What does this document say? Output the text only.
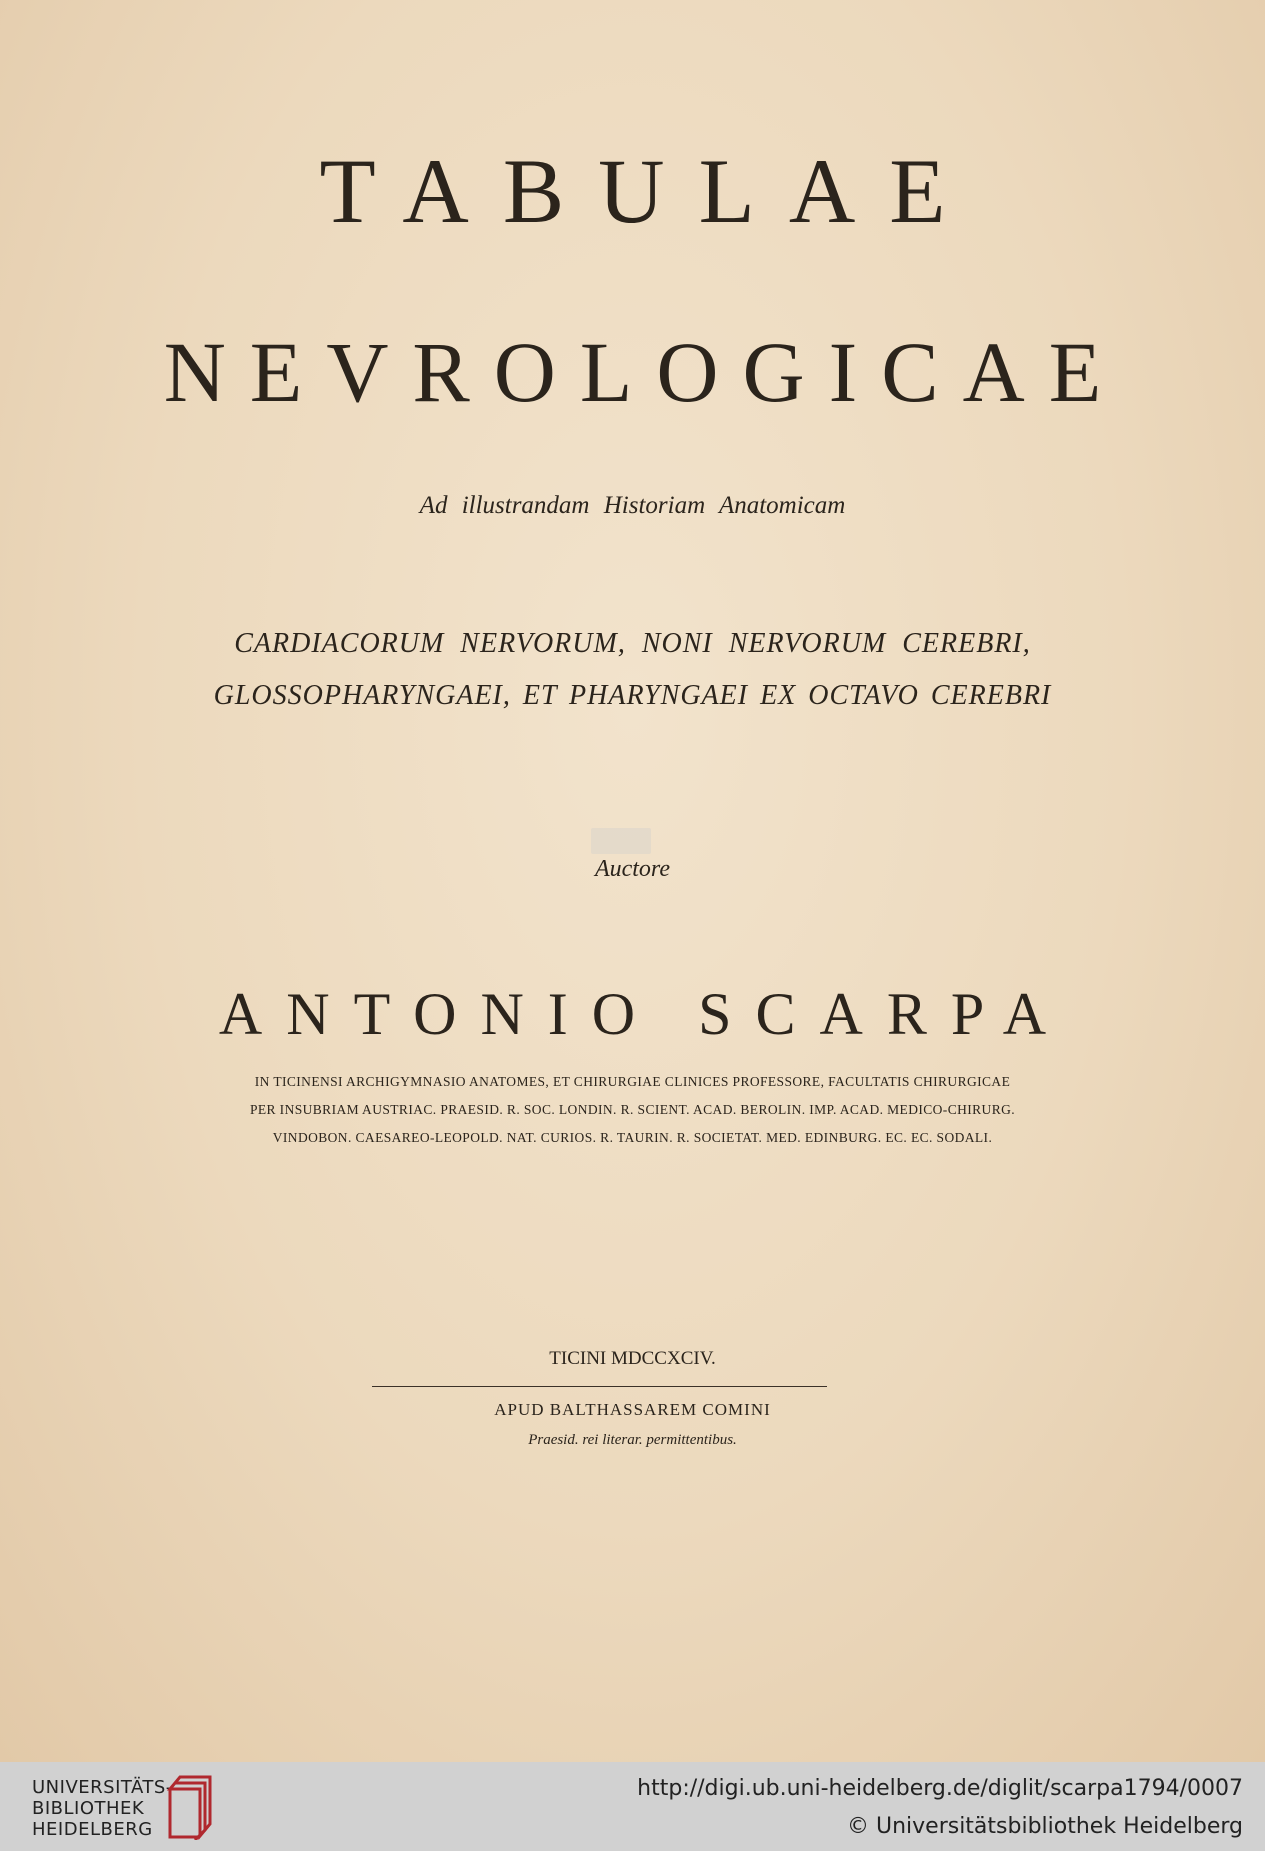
TABULAE
NEVROLOGICAE
Ad illustrandam Historiam Anatomicam
CARDIACORUM NERVORUM, NONI NERVORUM CEREBRI,
GLOSSOPHARYNGAEI, ET PHARYNGAEI EX OCTAVO CEREBRI
Auctore
ANTONIO SCARPA
IN TICINENSI ARCHIGYMNASIO ANATOMES, ET CHIRURGIAE CLINICES PROFESSORE, FACULTATIS CHIRURGICAE
PER INSUBRIAM AUSTRIAC. PRAESID. R. SOC. LONDIN. R. SCIENT. ACAD. BEROLIN. IMP. ACAD. MEDICO-CHIRURG.
VINDOBON. CAESAREO-LEOPOLD. NAT. CURIOS. R. TAURIN. R. SOCIETAT. MED. EDINBURG. EC. EC. SODALI.
TICINI MDCCXCIV.
APUD BALTHASSAREM COMINI
Praesid. rei literar. permittentibus.
UNIVERSITÄTS-
BIBLIOTHEK
HEIDELBERG
http://digi.ub.uni-heidelberg.de/diglit/scarpa1794/0007
© Universitätsbibliothek Heidelberg
